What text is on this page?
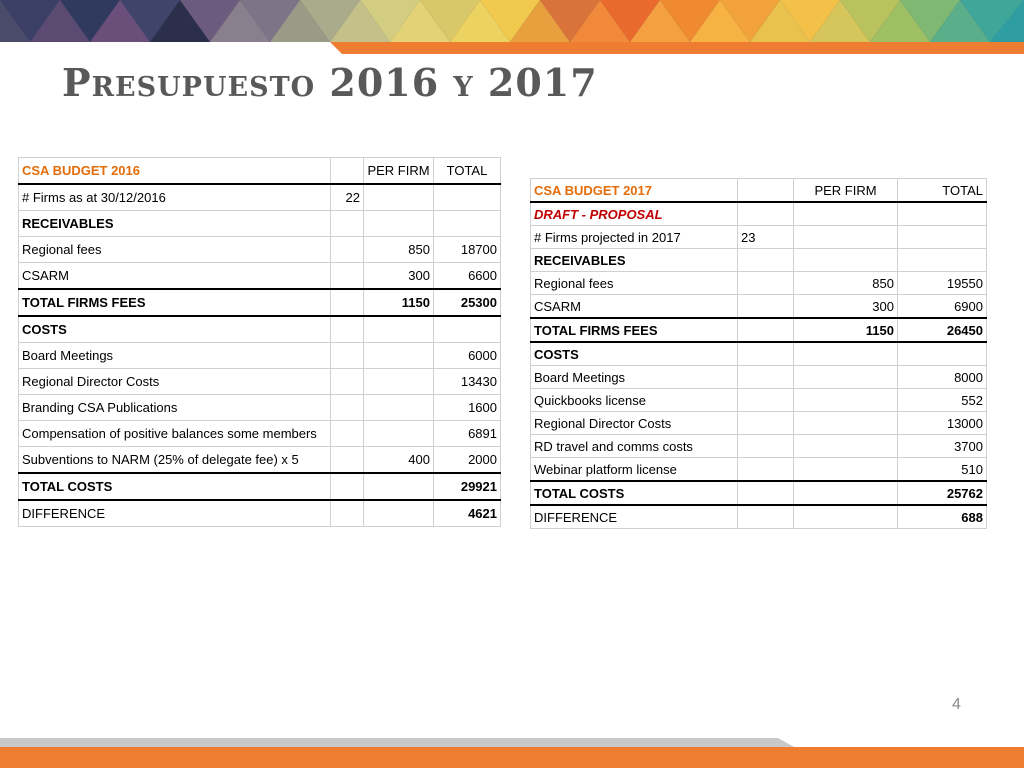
Presupuesto 2016 y 2017
CSA BUDGET 2016		PER FIRM	TOTAL
# Firms as at 30/12/2016	22		
RECEIVABLES			
Regional fees		850	18700
CSARM		300	6600
TOTAL FIRMS FEES		1150	25300
COSTS			
Board Meetings			6000
Regional Director Costs			13430
Branding CSA Publications			1600
Compensation of positive balances some members			6891
Subventions to NARM (25% of delegate fee) x 5		400	2000
TOTAL COSTS			29921
DIFFERENCE			4621
CSA BUDGET 2017		PER FIRM	TOTAL
DRAFT - PROPOSAL			
# Firms projected in 2017	23		
RECEIVABLES			
Regional fees		850	19550
CSARM		300	6900
TOTAL FIRMS FEES		1150	26450
COSTS			
Board Meetings			8000
Quickbooks license			552
Regional Director Costs			13000
RD travel and comms costs			3700
Webinar platform license			510
TOTAL COSTS			25762
DIFFERENCE			688
4
